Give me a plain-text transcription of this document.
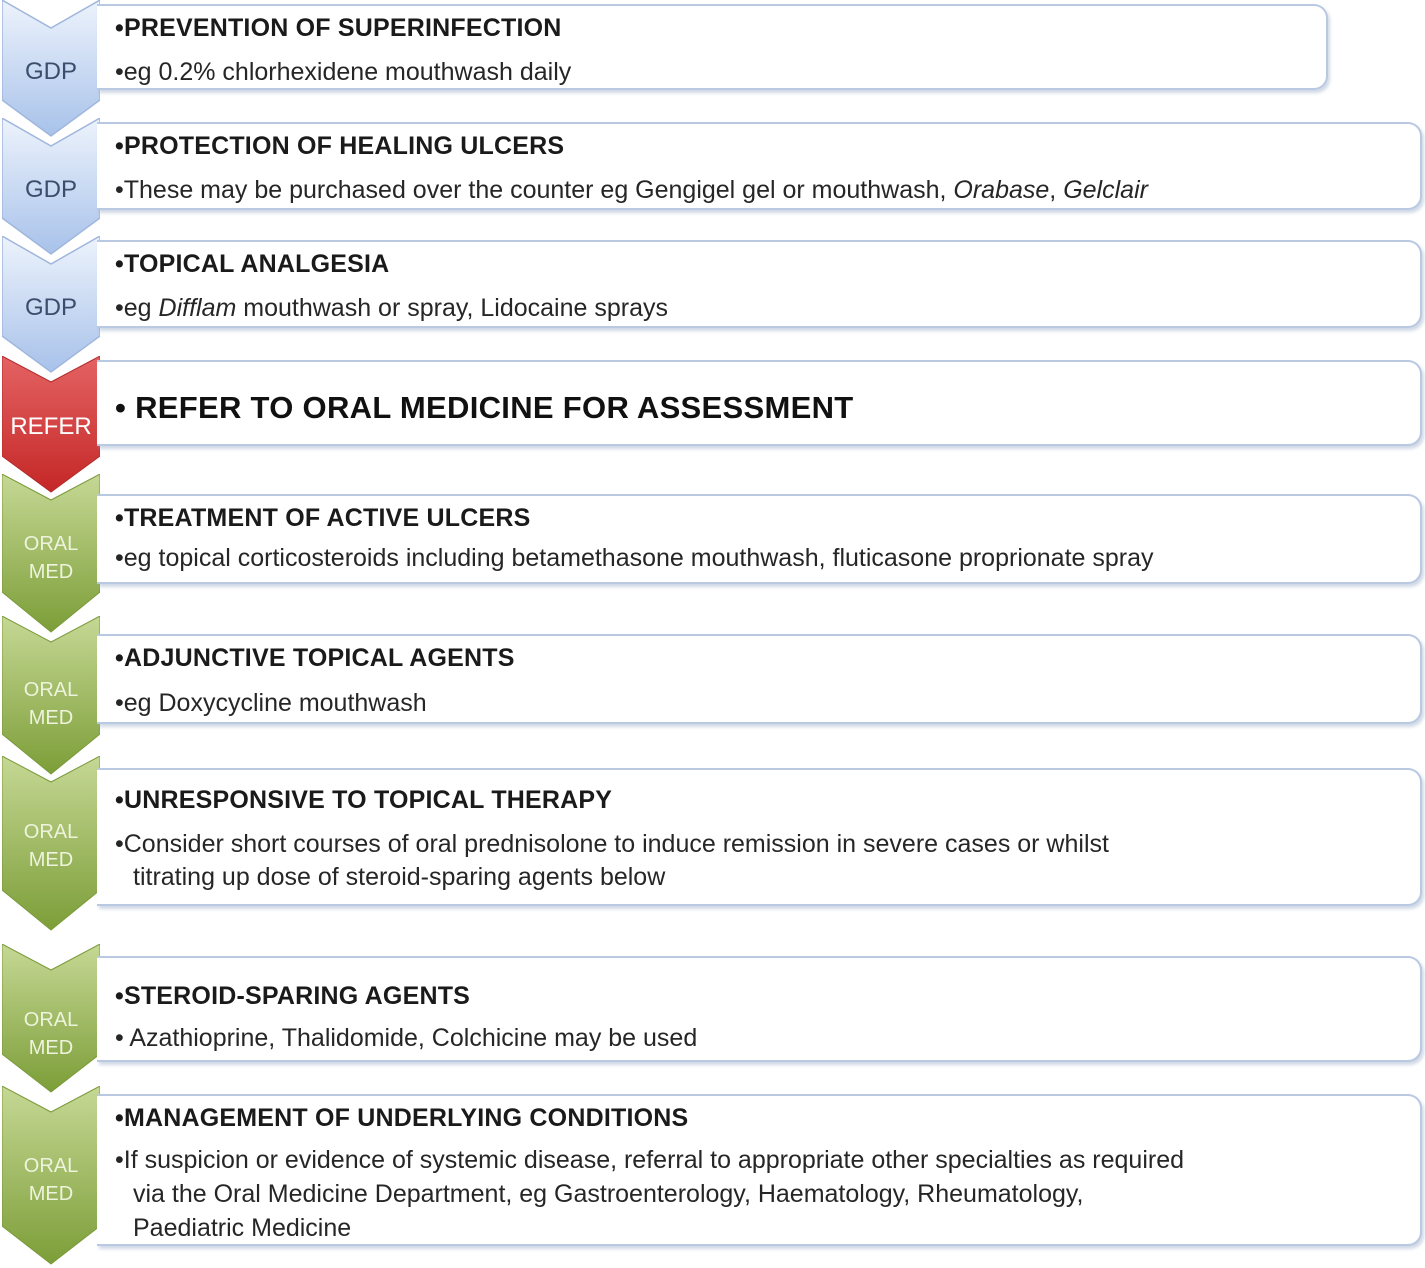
GDP
•PREVENTION OF SUPERINFECTION
•eg 0.2% chlorhexidene mouthwash daily
GDP
•PROTECTION OF HEALING ULCERS
•These may be purchased over the counter eg Gengigel gel or mouthwash, Orabase, Gelclair
GDP
•TOPICAL ANALGESIA
•eg Difflam mouthwash or spray, Lidocaine sprays
REFER
• REFER TO ORAL MEDICINE FOR ASSESSMENT
ORAL
MED
•TREATMENT OF ACTIVE ULCERS
•eg topical corticosteroids including betamethasone mouthwash, fluticasone proprionate spray
ORAL
MED
•ADJUNCTIVE TOPICAL AGENTS
•eg Doxycycline mouthwash
ORAL
MED
•UNRESPONSIVE TO TOPICAL THERAPY
•Consider short courses of oral prednisolone to induce remission in severe cases or whilst
titrating up dose of steroid-sparing agents below
ORAL
MED
•STEROID-SPARING AGENTS
• Azathioprine, Thalidomide, Colchicine may be used
ORAL
MED
•MANAGEMENT OF UNDERLYING CONDITIONS
•If suspicion or evidence of systemic disease, referral to appropriate other specialties as required
via the Oral Medicine Department, eg Gastroenterology, Haematology, Rheumatology,
Paediatric Medicine
